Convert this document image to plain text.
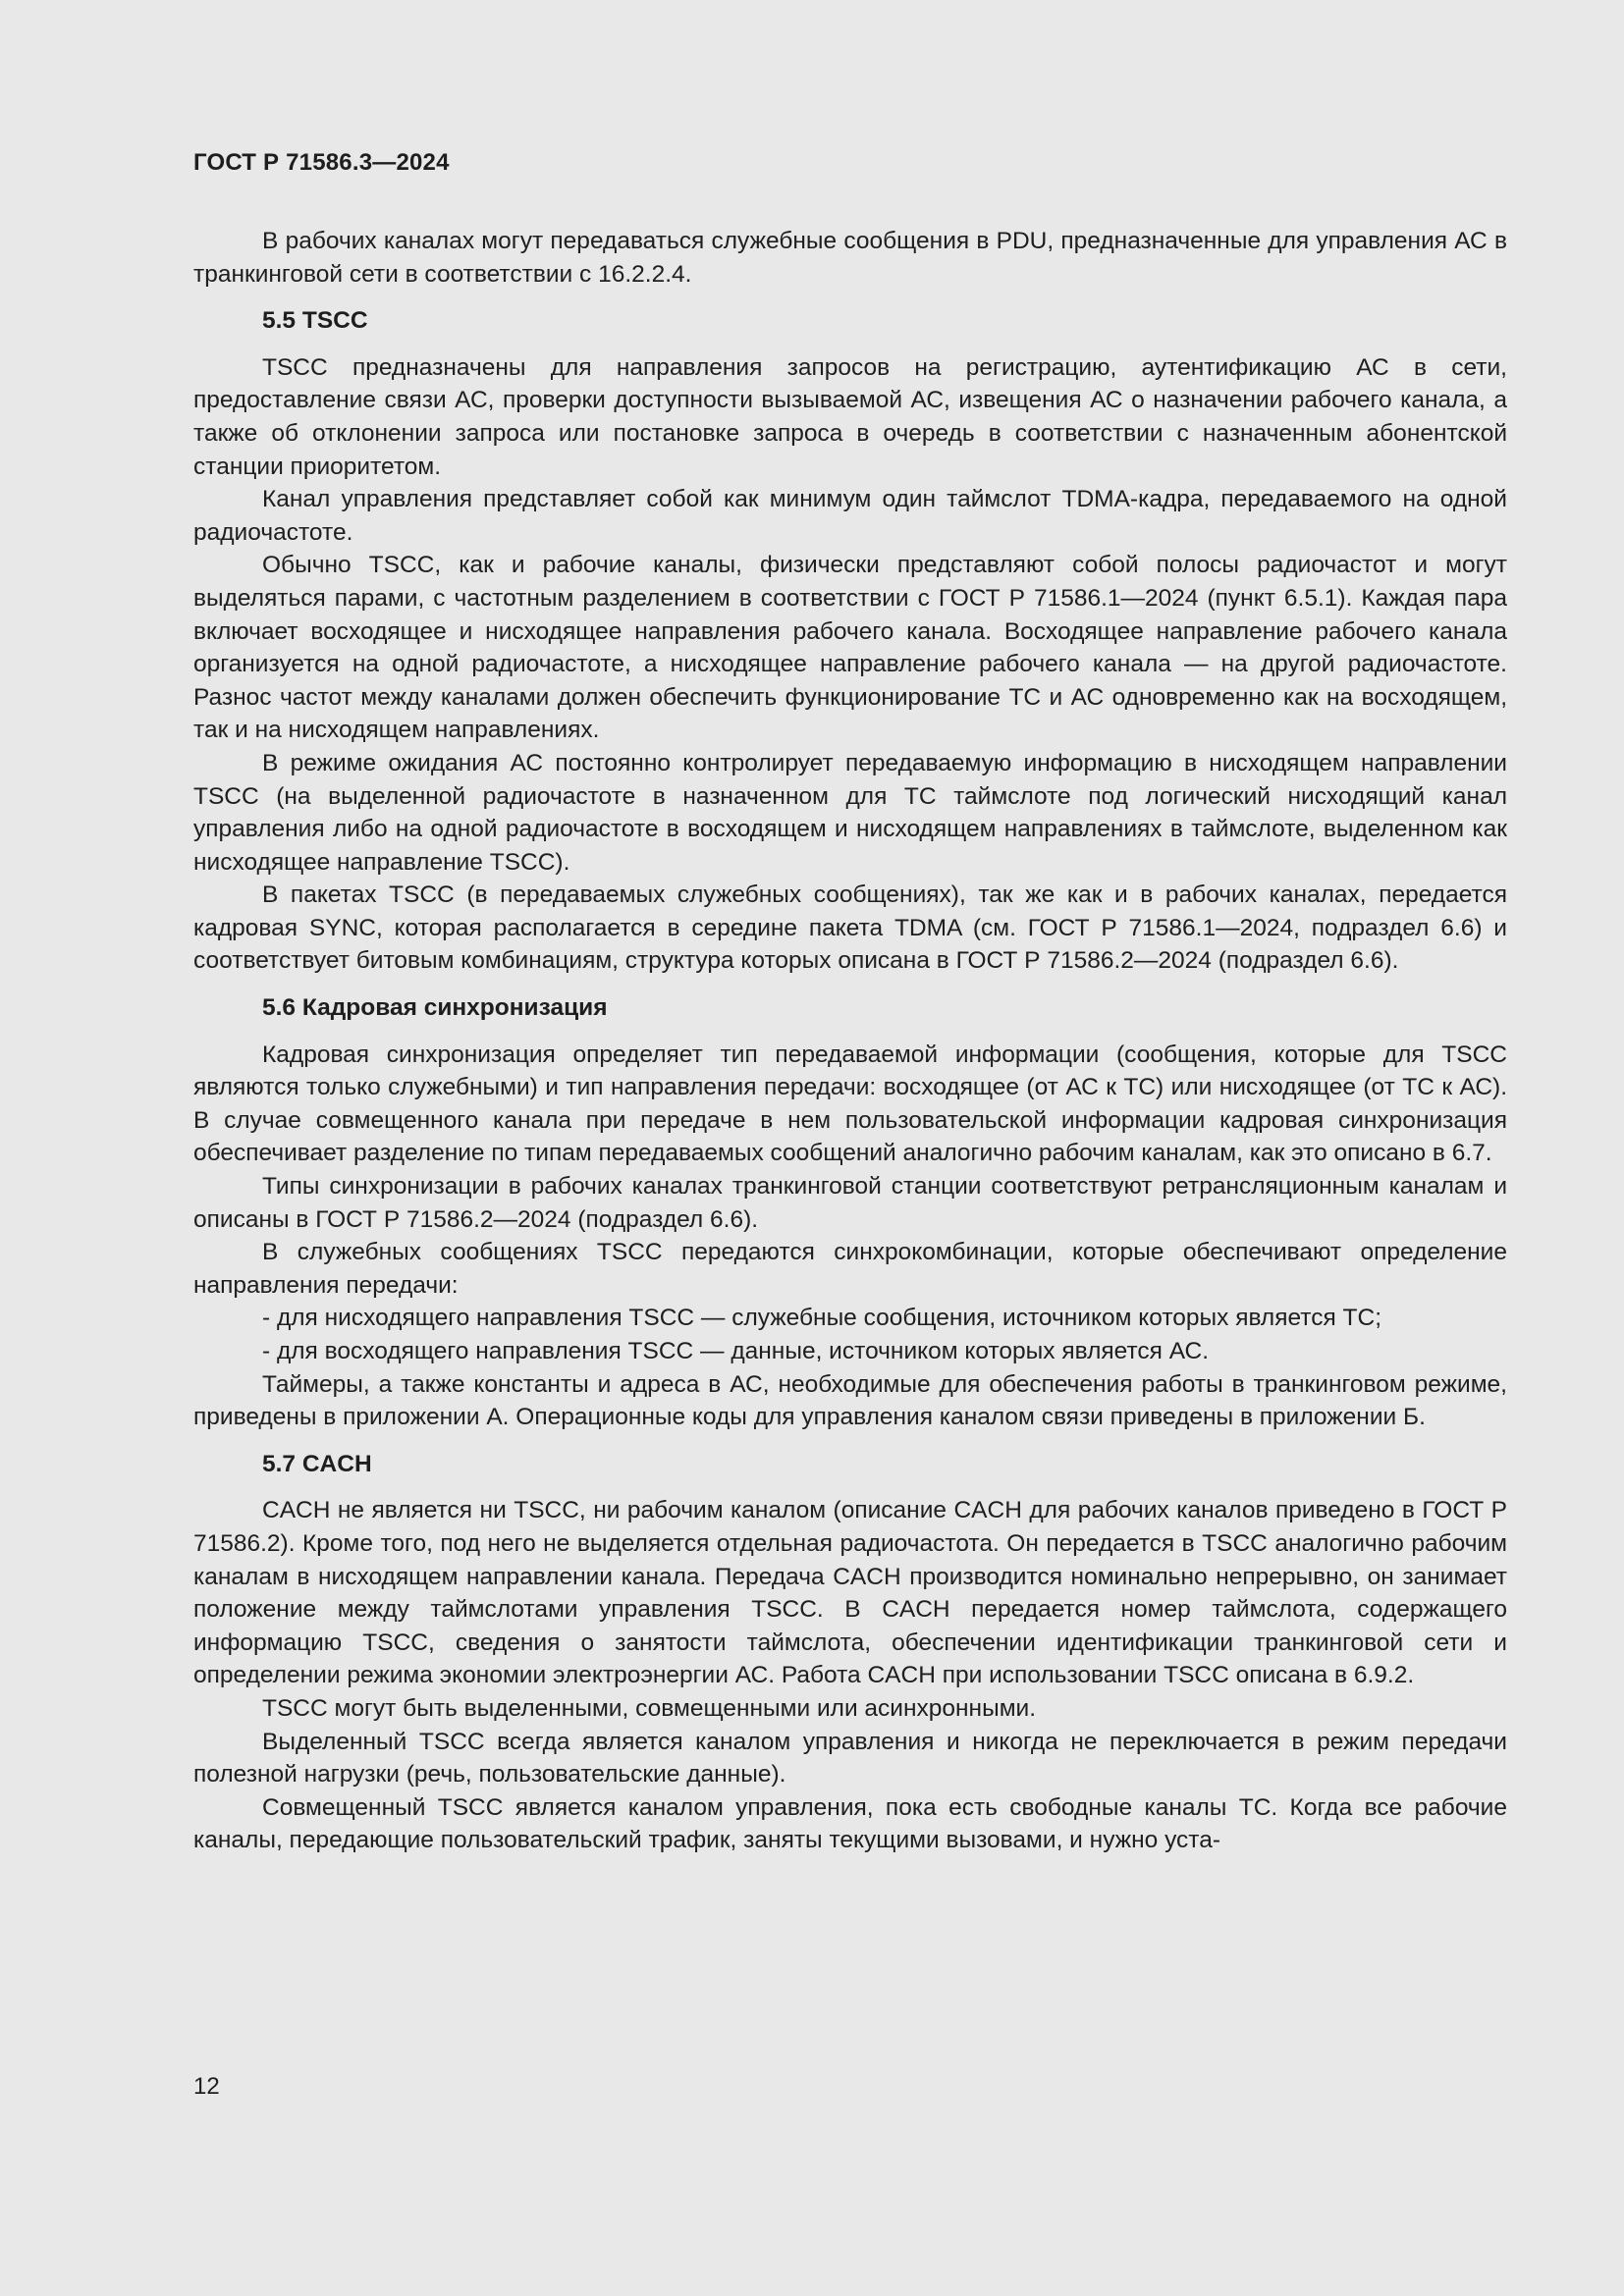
ГОСТ Р 71586.3—2024

В рабочих каналах могут передаваться служебные сообщения в PDU, предназначенные для управления АС в транкинговой сети в соответствии с 16.2.2.4.

5.5 TSCC

TSCC предназначены для направления запросов на регистрацию, аутентификацию АС в сети, предоставление связи АС, проверки доступности вызываемой АС, извещения АС о назначении рабочего канала, а также об отклонении запроса или постановке запроса в очередь в соответствии с назначенным абонентской станции приоритетом.

Канал управления представляет собой как минимум один таймслот TDMA-кадра, передаваемого на одной радиочастоте.

Обычно TSCC, как и рабочие каналы, физически представляют собой полосы радиочастот и могут выделяться парами, с частотным разделением в соответствии с ГОСТ Р 71586.1—2024 (пункт 6.5.1). Каждая пара включает восходящее и нисходящее направления рабочего канала. Восходящее направление рабочего канала организуется на одной радиочастоте, а нисходящее направление рабочего канала — на другой радиочастоте. Разнос частот между каналами должен обеспечить функционирование ТС и АС одновременно как на восходящем, так и на нисходящем направлениях.

В режиме ожидания АС постоянно контролирует передаваемую информацию в нисходящем направлении TSCC (на выделенной радиочастоте в назначенном для ТС таймслоте под логический нисходящий канал управления либо на одной радиочастоте в восходящем и нисходящем направлениях в таймслоте, выделенном как нисходящее направление TSCC).

В пакетах TSCC (в передаваемых служебных сообщениях), так же как и в рабочих каналах, передается кадровая SYNC, которая располагается в середине пакета TDMA (см. ГОСТ Р 71586.1—2024, подраздел 6.6) и соответствует битовым комбинациям, структура которых описана в ГОСТ Р 71586.2—2024 (подраздел 6.6).

5.6 Кадровая синхронизация

Кадровая синхронизация определяет тип передаваемой информации (сообщения, которые для TSCC являются только служебными) и тип направления передачи: восходящее (от АС к ТС) или нисходящее (от ТС к АС). В случае совмещенного канала при передаче в нем пользовательской информации кадровая синхронизация обеспечивает разделение по типам передаваемых сообщений аналогично рабочим каналам, как это описано в 6.7.

Типы синхронизации в рабочих каналах транкинговой станции соответствуют ретрансляционным каналам и описаны в ГОСТ Р 71586.2—2024 (подраздел 6.6).

В служебных сообщениях TSCC передаются синхрокомбинации, которые обеспечивают определение направления передачи:

- для нисходящего направления TSCC — служебные сообщения, источником которых является ТС;

- для восходящего направления TSCC — данные, источником которых является АС.

Таймеры, а также константы и адреса в АС, необходимые для обеспечения работы в транкинговом режиме, приведены в приложении А. Операционные коды для управления каналом связи приведены в приложении Б.

5.7 CACH

CACH не является ни TSCC, ни рабочим каналом (описание CACH для рабочих каналов приведено в ГОСТ Р 71586.2). Кроме того, под него не выделяется отдельная радиочастота. Он передается в TSCC аналогично рабочим каналам в нисходящем направлении канала. Передача CACH производится номинально непрерывно, он занимает положение между таймслотами управления TSCC. В CACH передается номер таймслота, содержащего информацию TSCC, сведения о занятости таймслота, обеспечении идентификации транкинговой сети и определении режима экономии электроэнергии АС. Работа CACH при использовании TSCC описана в 6.9.2.

TSCC могут быть выделенными, совмещенными или асинхронными.

Выделенный TSCC всегда является каналом управления и никогда не переключается в режим передачи полезной нагрузки (речь, пользовательские данные).

Совмещенный TSCC является каналом управления, пока есть свободные каналы ТС. Когда все рабочие каналы, передающие пользовательский трафик, заняты текущими вызовами, и нужно уста-

12
